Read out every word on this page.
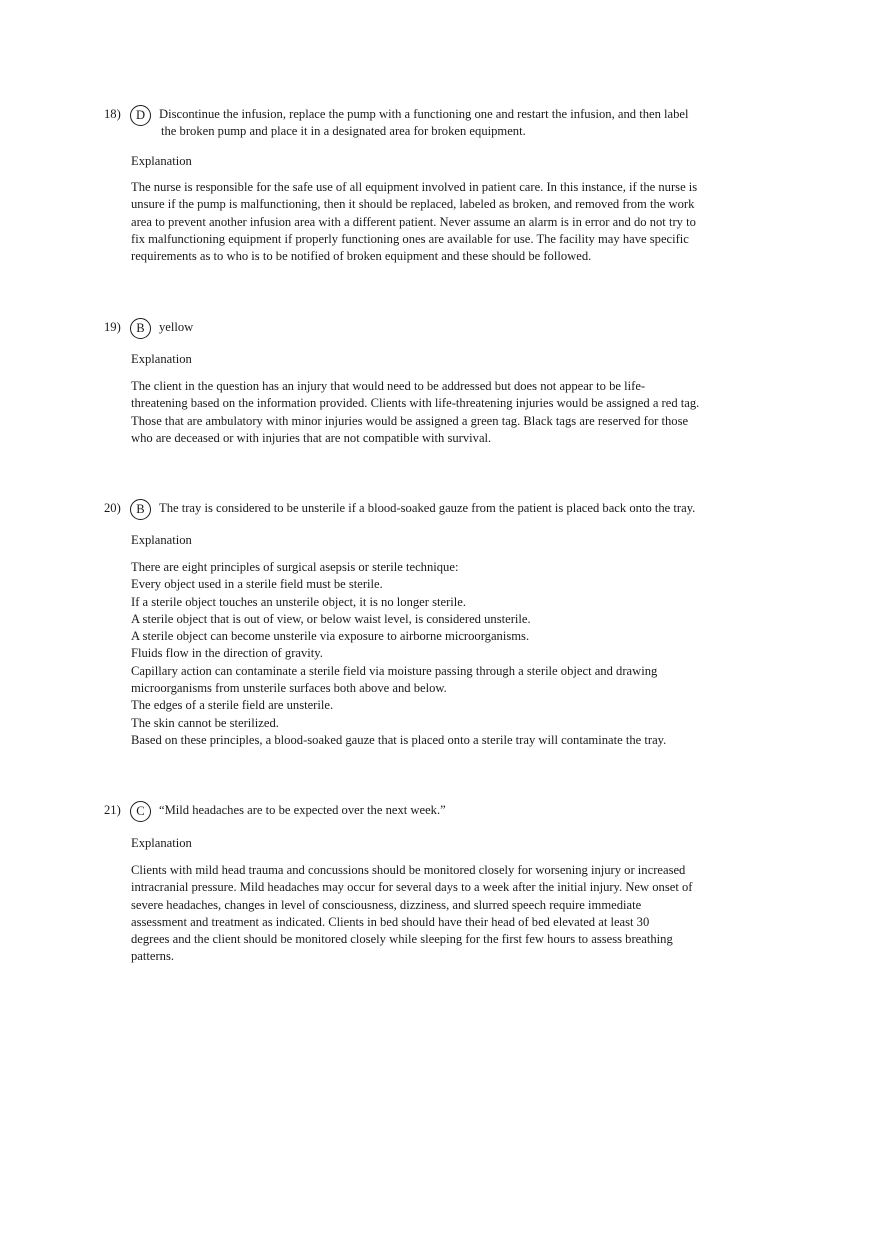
18)	D	Discontinue the infusion, replace the pump with a functioning one and restart the infusion, and then label
the broken pump and place it in a designated area for broken equipment.
Explanation

The nurse is responsible for the safe use of all equipment involved in patient care. In this instance, if the nurse is

unsure if the pump is malfunctioning, then it should be replaced, labeled as broken, and removed from the work

area to prevent another infusion area with a different patient. Never assume an alarm is in error and do not try to

fix malfunctioning equipment if properly functioning ones are available for use. The facility may have specific

requirements as to who is to be notified of broken equipment and these should be followed.

19)	B	yellow
Explanation

The client in the question has an injury that would need to be addressed but does not appear to be life-

threatening based on the information provided. Clients with life-threatening injuries would be assigned a red tag.

Those that are ambulatory with minor injuries would be assigned a green tag. Black tags are reserved for those

who are deceased or with injuries that are not compatible with survival.

20)	B	The tray is considered to be unsterile if a blood-soaked gauze from the patient is placed back onto the tray.
Explanation

There are eight principles of surgical asepsis or sterile technique:

Every object used in a sterile field must be sterile.

If a sterile object touches an unsterile object, it is no longer sterile.

A sterile object that is out of view, or below waist level, is considered unsterile.

A sterile object can become unsterile via exposure to airborne microorganisms.

Fluids flow in the direction of gravity.

Capillary action can contaminate a sterile field via moisture passing through a sterile object and drawing

microorganisms from unsterile surfaces both above and below.

The edges of a sterile field are unsterile.

The skin cannot be sterilized.

Based on these principles, a blood-soaked gauze that is placed onto a sterile tray will contaminate the tray.

21)	C	“Mild headaches are to be expected over the next week.”
Explanation

Clients with mild head trauma and concussions should be monitored closely for worsening injury or increased

intracranial pressure. Mild headaches may occur for several days to a week after the initial injury. New onset of

severe headaches, changes in level of consciousness, dizziness, and slurred speech require immediate

assessment and treatment as indicated. Clients in bed should have their head of bed elevated at least 30

degrees and the client should be monitored closely while sleeping for the first few hours to assess breathing

patterns.
